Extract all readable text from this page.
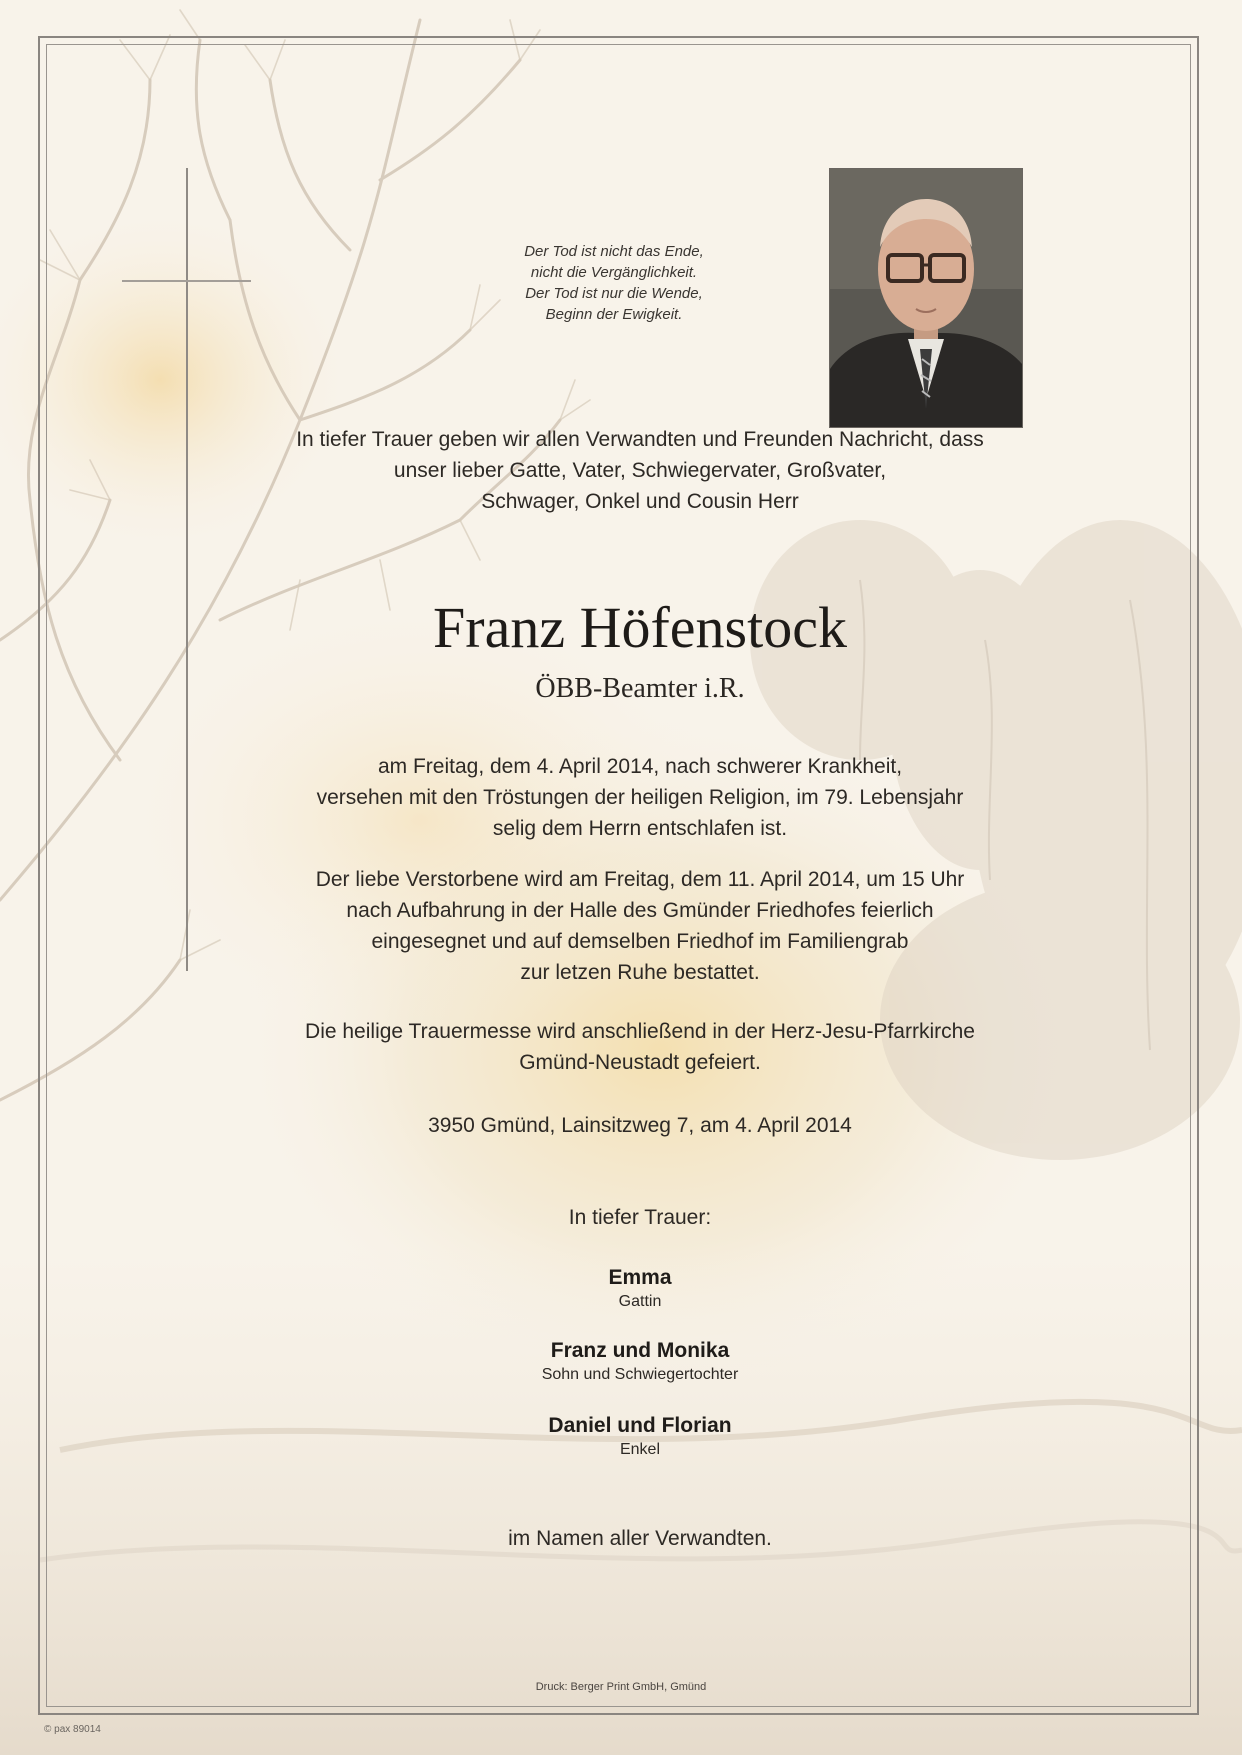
Der Tod ist nicht das Ende,
nicht die Vergänglichkeit.
Der Tod ist nur die Wende,
Beginn der Ewigkeit.
In tiefer Trauer geben wir allen Verwandten und Freunden Nachricht, dass
unser lieber Gatte, Vater, Schwiegervater, Großvater,
Schwager, Onkel und Cousin Herr
Franz Höfenstock
ÖBB-Beamter i.R.
am Freitag, dem 4. April 2014, nach schwerer Krankheit,
versehen mit den Tröstungen der heiligen Religion, im 79. Lebensjahr
selig dem Herrn entschlafen ist.
Der liebe Verstorbene wird am Freitag, dem 11. April 2014, um 15 Uhr
nach Aufbahrung in der Halle des Gmünder Friedhofes feierlich
eingesegnet und auf demselben Friedhof im Familiengrab
zur letzen Ruhe bestattet.
Die heilige Trauermesse wird anschließend in der Herz-Jesu-Pfarrkirche
Gmünd-Neustadt gefeiert.
3950 Gmünd, Lainsitzweg 7, am 4. April 2014
In tiefer Trauer:
Emma
Gattin
Franz und Monika
Sohn und Schwiegertochter
Daniel und Florian
Enkel
im Namen aller Verwandten.
Druck: Berger Print GmbH, Gmünd
© pax 89014
